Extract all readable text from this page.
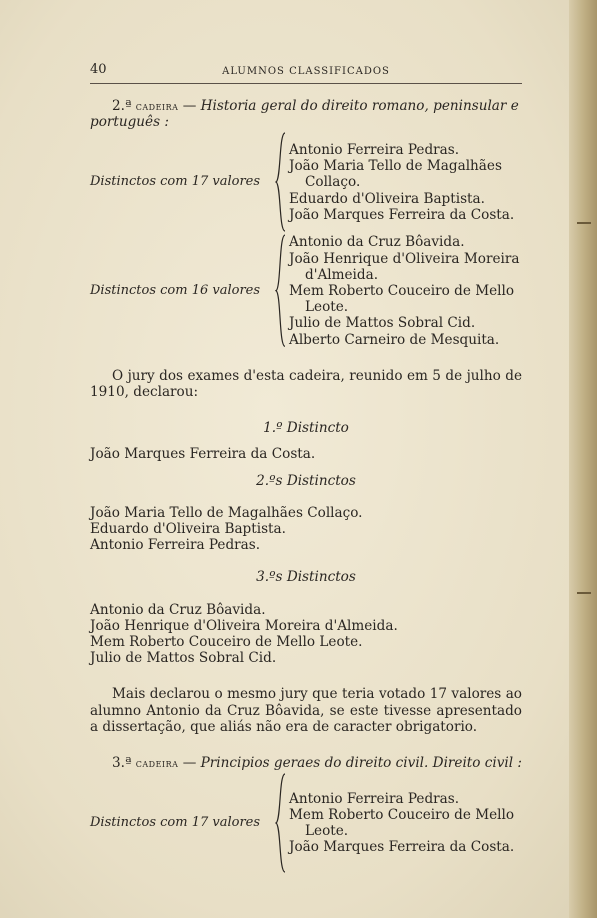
40	ALUMNOS CLASSIFICADOS

2.ª cadeira — Historia geral do direito romano, peninsular e português :

Distinctos com 17 valores
Antonio Ferreira Pedras.
João Maria Tello de Magalhães Collaço.
Eduardo d'Oliveira Baptista.
João Marques Ferreira da Costa.
Distinctos com 16 valores
Antonio da Cruz Bôavida.
João Henrique d'Oliveira Moreira d'Almeida.
Mem Roberto Couceiro de Mello Leote.
Julio de Mattos Sobral Cid.
Alberto Carneiro de Mesquita.

O jury dos exames d'esta cadeira, reunido em 5 de julho de 1910, declarou:

1.º Distincto

João Marques Ferreira da Costa.

2.ºs Distinctos

João Maria Tello de Magalhães Collaço.
Eduardo d'Oliveira Baptista.
Antonio Ferreira Pedras.

3.ºs Distinctos

Antonio da Cruz Bôavida.
João Henrique d'Oliveira Moreira d'Almeida.
Mem Roberto Couceiro de Mello Leote.
Julio de Mattos Sobral Cid.

Mais declarou o mesmo jury que teria votado 17 valores ao alumno Antonio da Cruz Bôavida, se este tivesse apresentado a dissertação, que aliás não era de caracter obrigatorio.

3.ª cadeira — Principios geraes do direito civil. Direito civil :

Distinctos com 17 valores
Antonio Ferreira Pedras.
Mem Roberto Couceiro de Mello Leote.
João Marques Ferreira da Costa.
